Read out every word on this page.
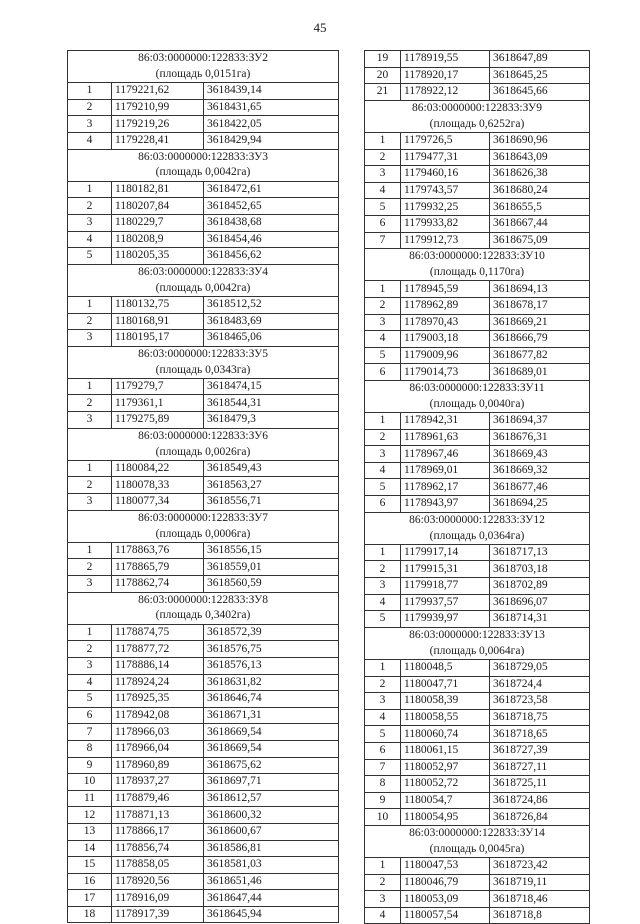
45
86:03:0000000:122833:ЗУ2		
(площадь 0,0151га)		
1	1179221,62	3618439,14
2	1179210,99	3618431,65
3	1179219,26	3618422,05
4	1179228,41	3618429,94
86:03:0000000:122833:ЗУ3		
(площадь 0,0042га)		
1	1180182,81	3618472,61
2	1180207,84	3618452,65
3	1180229,7	3618438,68
4	1180208,9	3618454,46
5	1180205,35	3618456,62
86:03:0000000:122833:ЗУ4		
(площадь 0,0042га)		
1	1180132,75	3618512,52
2	1180168,91	3618483,69
3	1180195,17	3618465,06
86:03:0000000:122833:ЗУ5		
(площадь 0,0343га)		
1	1179279,7	3618474,15
2	1179361,1	3618544,31
3	1179275,89	3618479,3
86:03:0000000:122833:ЗУ6		
(площадь 0,0026га)		
1	1180084,22	3618549,43
2	1180078,33	3618563,27
3	1180077,34	3618556,71
86:03:0000000:122833:ЗУ7		
(площадь 0,0006га)		
1	1178863,76	3618556,15
2	1178865,79	3618559,01
3	1178862,74	3618560,59
86:03:0000000:122833:ЗУ8		
(площадь 0,3402га)		
1	1178874,75	3618572,39
2	1178877,72	3618576,75
3	1178886,14	3618576,13
4	1178924,24	3618631,82
5	1178925,35	3618646,74
6	1178942,08	3618671,31
7	1178966,03	3618669,54
8	1178966,04	3618669,54
9	1178960,89	3618675,62
10	1178937,27	3618697,71
11	1178879,46	3618612,57
12	1178871,13	3618600,32
13	1178866,17	3618600,67
14	1178856,74	3618586,81
15	1178858,05	3618581,03
16	1178920,56	3618651,46
17	1178916,09	3618647,44
18	1178917,39	3618645,94
19	1178919,55	3618647,89
20	1178920,17	3618645,25
21	1178922,12	3618645,66
86:03:0000000:122833:ЗУ9		
(площадь 0,6252га)		
1	1179726,5	3618690,96
2	1179477,31	3618643,09
3	1179460,16	3618626,38
4	1179743,57	3618680,24
5	1179932,25	3618655,5
6	1179933,82	3618667,44
7	1179912,73	3618675,09
86:03:0000000:122833:ЗУ10		
(площадь 0,1170га)		
1	1178945,59	3618694,13
2	1178962,89	3618678,17
3	1178970,43	3618669,21
4	1179003,18	3618666,79
5	1179009,96	3618677,82
6	1179014,73	3618689,01
86:03:0000000:122833:ЗУ11		
(площадь 0,0040га)		
1	1178942,31	3618694,37
2	1178961,63	3618676,31
3	1178967,46	3618669,43
4	1178969,01	3618669,32
5	1178962,17	3618677,46
6	1178943,97	3618694,25
86:03:0000000:122833:ЗУ12		
(площадь 0,0364га)		
1	1179917,14	3618717,13
2	1179915,31	3618703,18
3	1179918,77	3618702,89
4	1179937,57	3618696,07
5	1179939,97	3618714,31
86:03:0000000:122833:ЗУ13		
(площадь 0,0064га)		
1	1180048,5	3618729,05
2	1180047,71	3618724,4
3	1180058,39	3618723,58
4	1180058,55	3618718,75
5	1180060,74	3618718,65
6	1180061,15	3618727,39
7	1180052,97	3618727,11
8	1180052,72	3618725,11
9	1180054,7	3618724,86
10	1180054,95	3618726,84
86:03:0000000:122833:ЗУ14		
(площадь 0,0045га)		
1	1180047,53	3618723,42
2	1180046,79	3618719,11
3	1180053,09	3618718,46
4	1180057,54	3618718,8
